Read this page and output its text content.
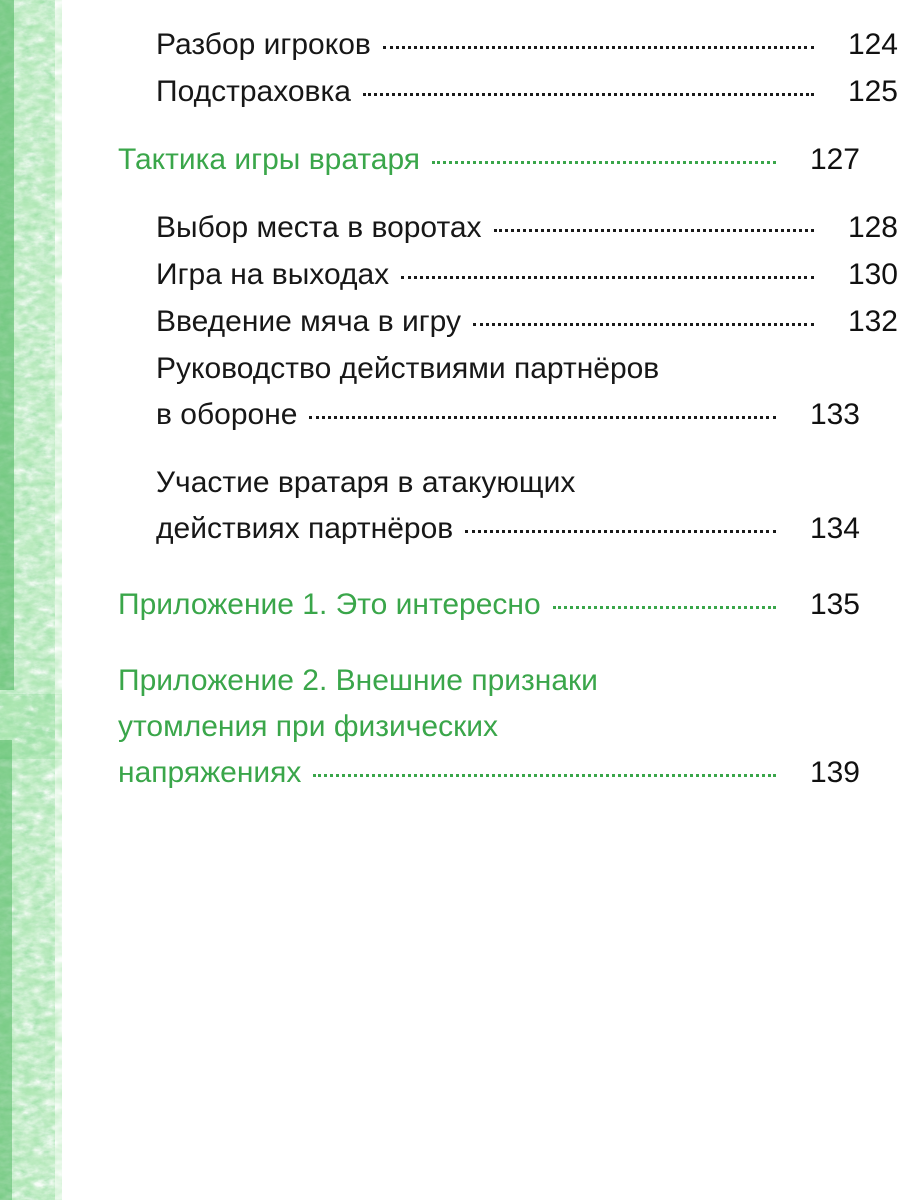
Разбор игроков	124
Подстраховка	125
Тактика игры вратаря	127
Выбор места в воротах	128
Игра на выходах	130
Введение мяча в игру	132
Руководство действиями партнёров
в обороне	133
Участие вратаря в атакующих
действиях партнёров	134
Приложение 1. Это интересно	135
Приложение 2. Внешние признаки
утомления при физических
напряжениях	139
